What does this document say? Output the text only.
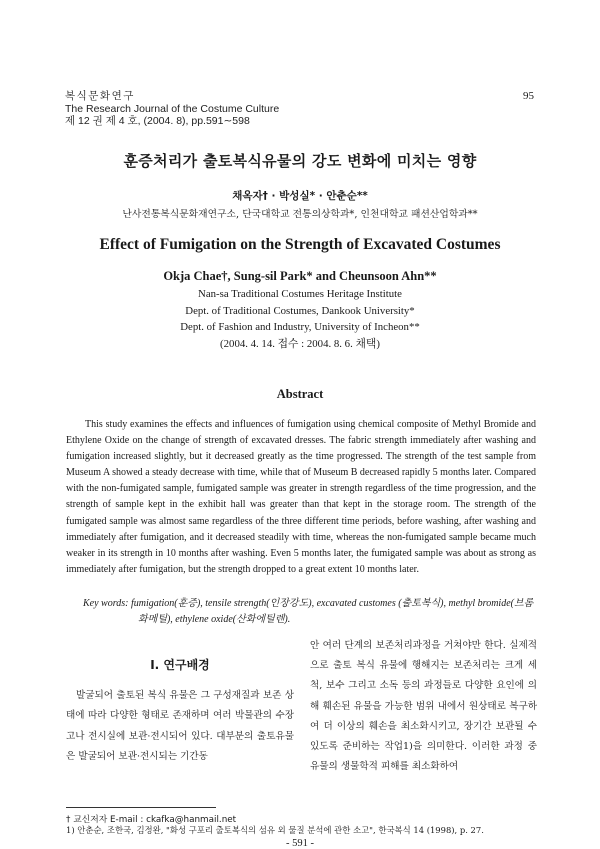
복식문화연구
The Research Journal of the Costume Culture
제 12 권 제 4 호, (2004. 8), pp.591∼598
95
훈증처리가 출토복식유물의 강도 변화에 미치는 영향
채옥자† · 박성실* · 안춘순**
난사전통복식문화재연구소, 단국대학교 전통의상학과*, 인천대학교 패션산업학과**
Effect of Fumigation on the Strength of Excavated Costumes
Okja Chae†, Sung-sil Park* and Cheunsoon Ahn**
Nan-sa Traditional Costumes Heritage Institute
Dept. of Traditional Costumes, Dankook University*
Dept. of Fashion and Industry, University of Incheon**
(2004. 4. 14. 접수 : 2004. 8. 6. 채택)
Abstract

This study examines the effects and influences of fumigation using chemical composite of Methyl Bromide and Ethylene Oxide on the change of strength of excavated dresses. The fabric strength immediately after washing and fumigation increased slightly, but it decreased greatly as the time progressed. The strength of the test sample from Museum A showed a steady decrease with time, while that of Museum B decreased rapidly 5 months later. Compared with the non-fumigated sample, fumigated sample was greater in strength regardless of the time progression, and the strength of sample kept in the exhibit hall was greater than that kept in the storage room. The strength of the fumigated sample was almost same regardless of the three different time periods, before washing, after washing and immediately after fumigation, and it decreased steadily with time, whereas the non-fumigated sample became much weaker in its strength in 10 months after washing. Even 5 months later, the fumigated sample was about as strong as immediately after fumigation, but the strength dropped to a great extent 10 months later.

Key words: fumigation(훈증), tensile strength(인장강도), excavated customes (출토복식), methyl bromide(브롬화메틸), ethylene oxide(산화에틸렌).

Ⅰ. 연구배경

발굴되어 출토된 복식 유물은 그 구성재질과 보존 상태에 따라 다양한 형태로 존재하며 여러 박물관의 수장고나 전시실에 보관·전시되어 있다. 대부분의 출토유물은 발굴되어 보관·전시되는 기간동

안 여러 단계의 보존처리과정을 거쳐야만 한다. 실제적으로 출토 복식 유물에 행해지는 보존처리는 크게 세척, 보수 그리고 소독 등의 과정들로 다양한 요인에 의해 훼손된 유물을 가능한 범위 내에서 원상태로 복구하여 더 이상의 훼손을 최소화시키고, 장기간 보관될 수 있도록 준비하는 작업1)을 의미한다. 이러한 과정 중 유물의 생물학적 피해를 최소화하여

† 교신저자 E-mail : ckafka@hanmail.net
1) 안춘순, 조한국, 김정완, "화성 구포리 출토복식의 섬유 외 물질 분석에 관한 소고", 한국복식 14 (1998), p. 27.
- 591 -
